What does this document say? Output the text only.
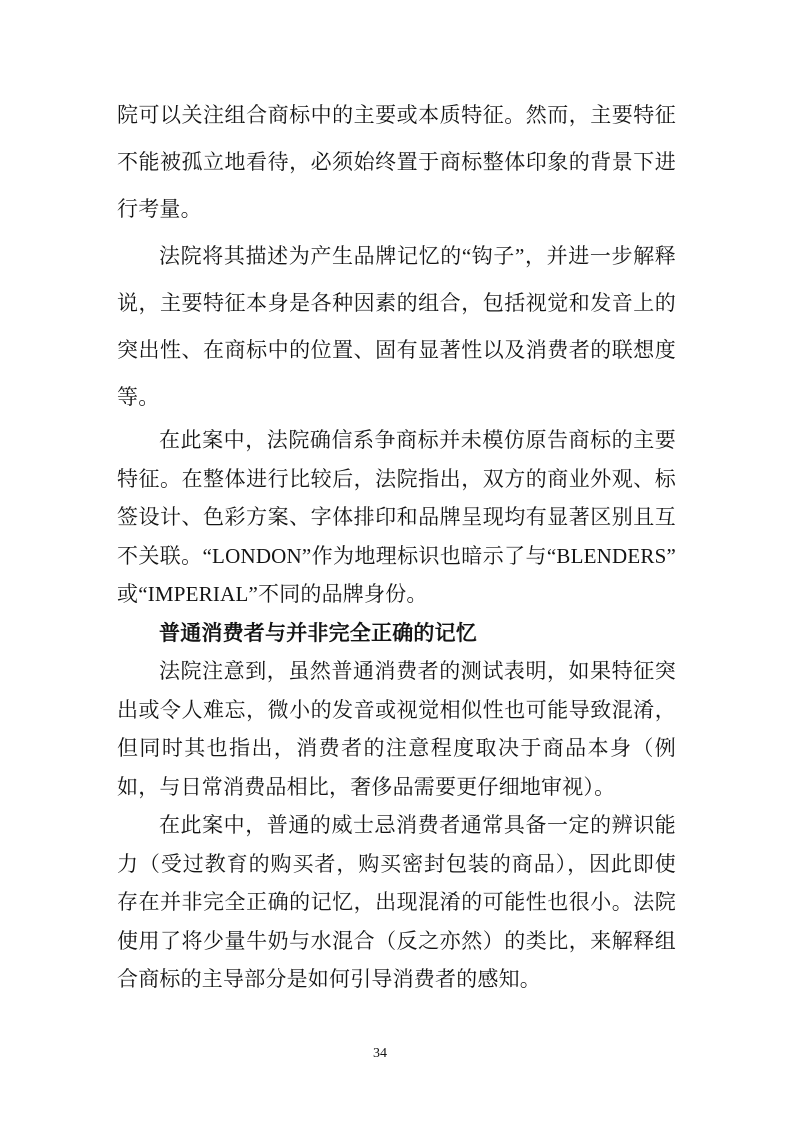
院可以关注组合商标中的主要或本质特征。然而，主要特征不能被孤立地看待，必须始终置于商标整体印象的背景下进行考量。

法院将其描述为产生品牌记忆的“钩子”，并进一步解释说，主要特征本身是各种因素的组合，包括视觉和发音上的突出性、在商标中的位置、固有显著性以及消费者的联想度等。

在此案中，法院确信系争商标并未模仿原告商标的主要特征。在整体进行比较后，法院指出，双方的商业外观、标签设计、色彩方案、字体排印和品牌呈现均有显著区别且互不关联。“LONDON”作为地理标识也暗示了与“BLENDERS”或“IMPERIAL”不同的品牌身份。

普通消费者与并非完全正确的记忆

法院注意到，虽然普通消费者的测试表明，如果特征突出或令人难忘，微小的发音或视觉相似性也可能导致混淆，但同时其也指出，消费者的注意程度取决于商品本身（例如，与日常消费品相比，奢侈品需要更仔细地审视）。

在此案中，普通的威士忌消费者通常具备一定的辨识能力（受过教育的购买者，购买密封包装的商品），因此即使存在并非完全正确的记忆，出现混淆的可能性也很小。法院使用了将少量牛奶与水混合（反之亦然）的类比，来解释组合商标的主导部分是如何引导消费者的感知。

34
